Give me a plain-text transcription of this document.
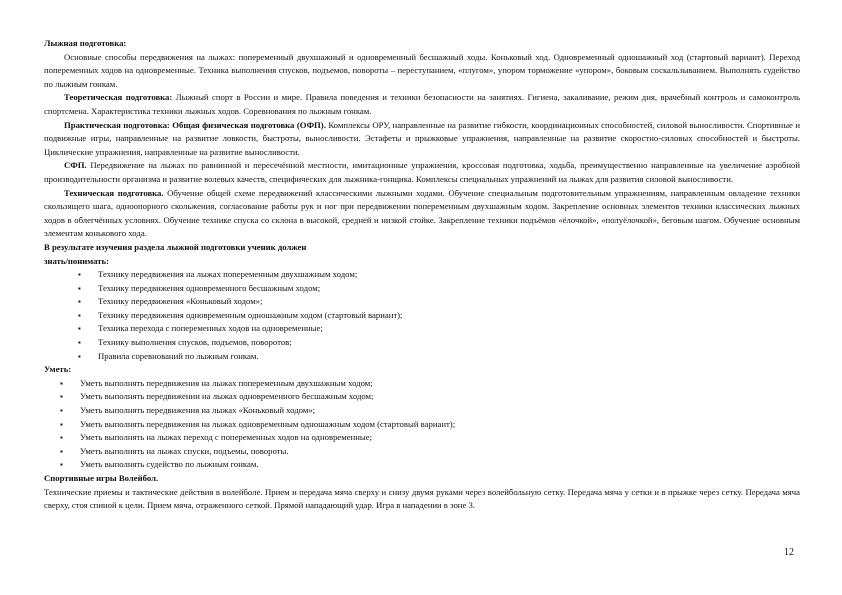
Лыжная подготовка:

Основные способы передвижения на лыжах: попеременный двухшажный и одновременный бесшажный ходы. Коньковый ход. Одновременный одношажный ход (стартовый вариант). Переход попеременных ходов на одновременные. Техника выполнения спусков, подъемов, повороты – переступанием, «плугом», упором торможение «упором», боковым соскальзыванием. Выполнять судейство по лыжным гонкам.

Теоретическая подготовка: Лыжный спорт в России и мире. Правила поведения и техники безопасности на занятиях. Гигиена, закаливание, режим дня, врачебный контроль и самоконтроль спортсмена. Характеристика техники лыжных ходов. Соревнования по лыжным гонкам.

Практическая подготовка: Общая физическая подготовка (ОФП). Комплексы ОРУ, направленные на развитие гибкости, координационных способностей, силовой выносливости. Спортивные и подвижные игры, направленные на развитие ловкости, быстроты, выносливости. Эстафеты и прыжковые упражнения, направленные на развитие скоростно-силовых способностей и быстроты. Циклические упражнения, направленные на развитие выносливости.

СФП. Передвижение на лыжах по равнинной и пересечённой местности, имитационные упражнения, кроссовая подготовка, ходьба, преимущественно направленные на увеличение аэробной производительности организма и развитие волевых качеств, специфических для лыжника-гонщика. Комплексы специальных упражнений на лыжах для развития силовой выносливости.

Техническая подготовка. Обучение общей схеме передвижений классическими лыжными ходами. Обучение специальным подготовительным упражнениям, направленным овладение техники скользящего шага, одноопорного скольжения, согласование работы рук и ног при передвижении попеременным двухшажным ходом. Закрепление основных элементов техники классических лыжных ходов в облегчённых условиях. Обучение технике спуска со склона в высокой, средней и низкой стойке. Закрепление техники подъёмов «ёлочкой», «полуёлочкой», беговым шагом. Обучение основным элементам конькового хода.

В результате изучения раздела лыжной подготовки ученик должен

знать/понимать:

▪ Технику передвижения на лыжах попеременным двухшажным ходом;
▪ Технику передвижения одновременного бесшажным ходом;
▪ Технику передвижения «Коньковый ходом»;
▪ Технику передвижения одновременным одношажным ходом (стартовый вариант);
▪ Техника перехода с попеременных ходов на одновременные;
▪ Технику выполнения спусков, подъемов, поворотов;
▪ Правила соревнований по лыжным гонкам.

Уметь:

▪ Уметь выполнять передвижения на лыжах попеременным двухшажным ходом;
▪ Уметь выполнять передвижении на лыжах одновременного бесшажным ходом;
▪ Уметь выполнять передвижения на лыжах «Коньковый ходом»;
▪ Уметь выполнять передвижения на лыжах одновременным одношажным ходом (стартовый вариант);
▪ Уметь выполнять на лыжах переход с попеременных ходов на одновременные;
▪ Уметь выполнять на лыжах спуски, подъемы, повороты.
▪ Уметь выполнять судейство по лыжным гонкам.

Спортивные игры Волейбол.

Технические приемы и тактические действия в волейболе. Прием и передача мяча сверху и снизу двумя руками через волейбольную сетку. Передача мяча у сетки и в прыжке через сетку. Передача мяча сверху, стоя спиной к цели. Прием мяча, отраженного сеткой. Прямой нападающий удар. Игра в нападении в зоне 3.

12
